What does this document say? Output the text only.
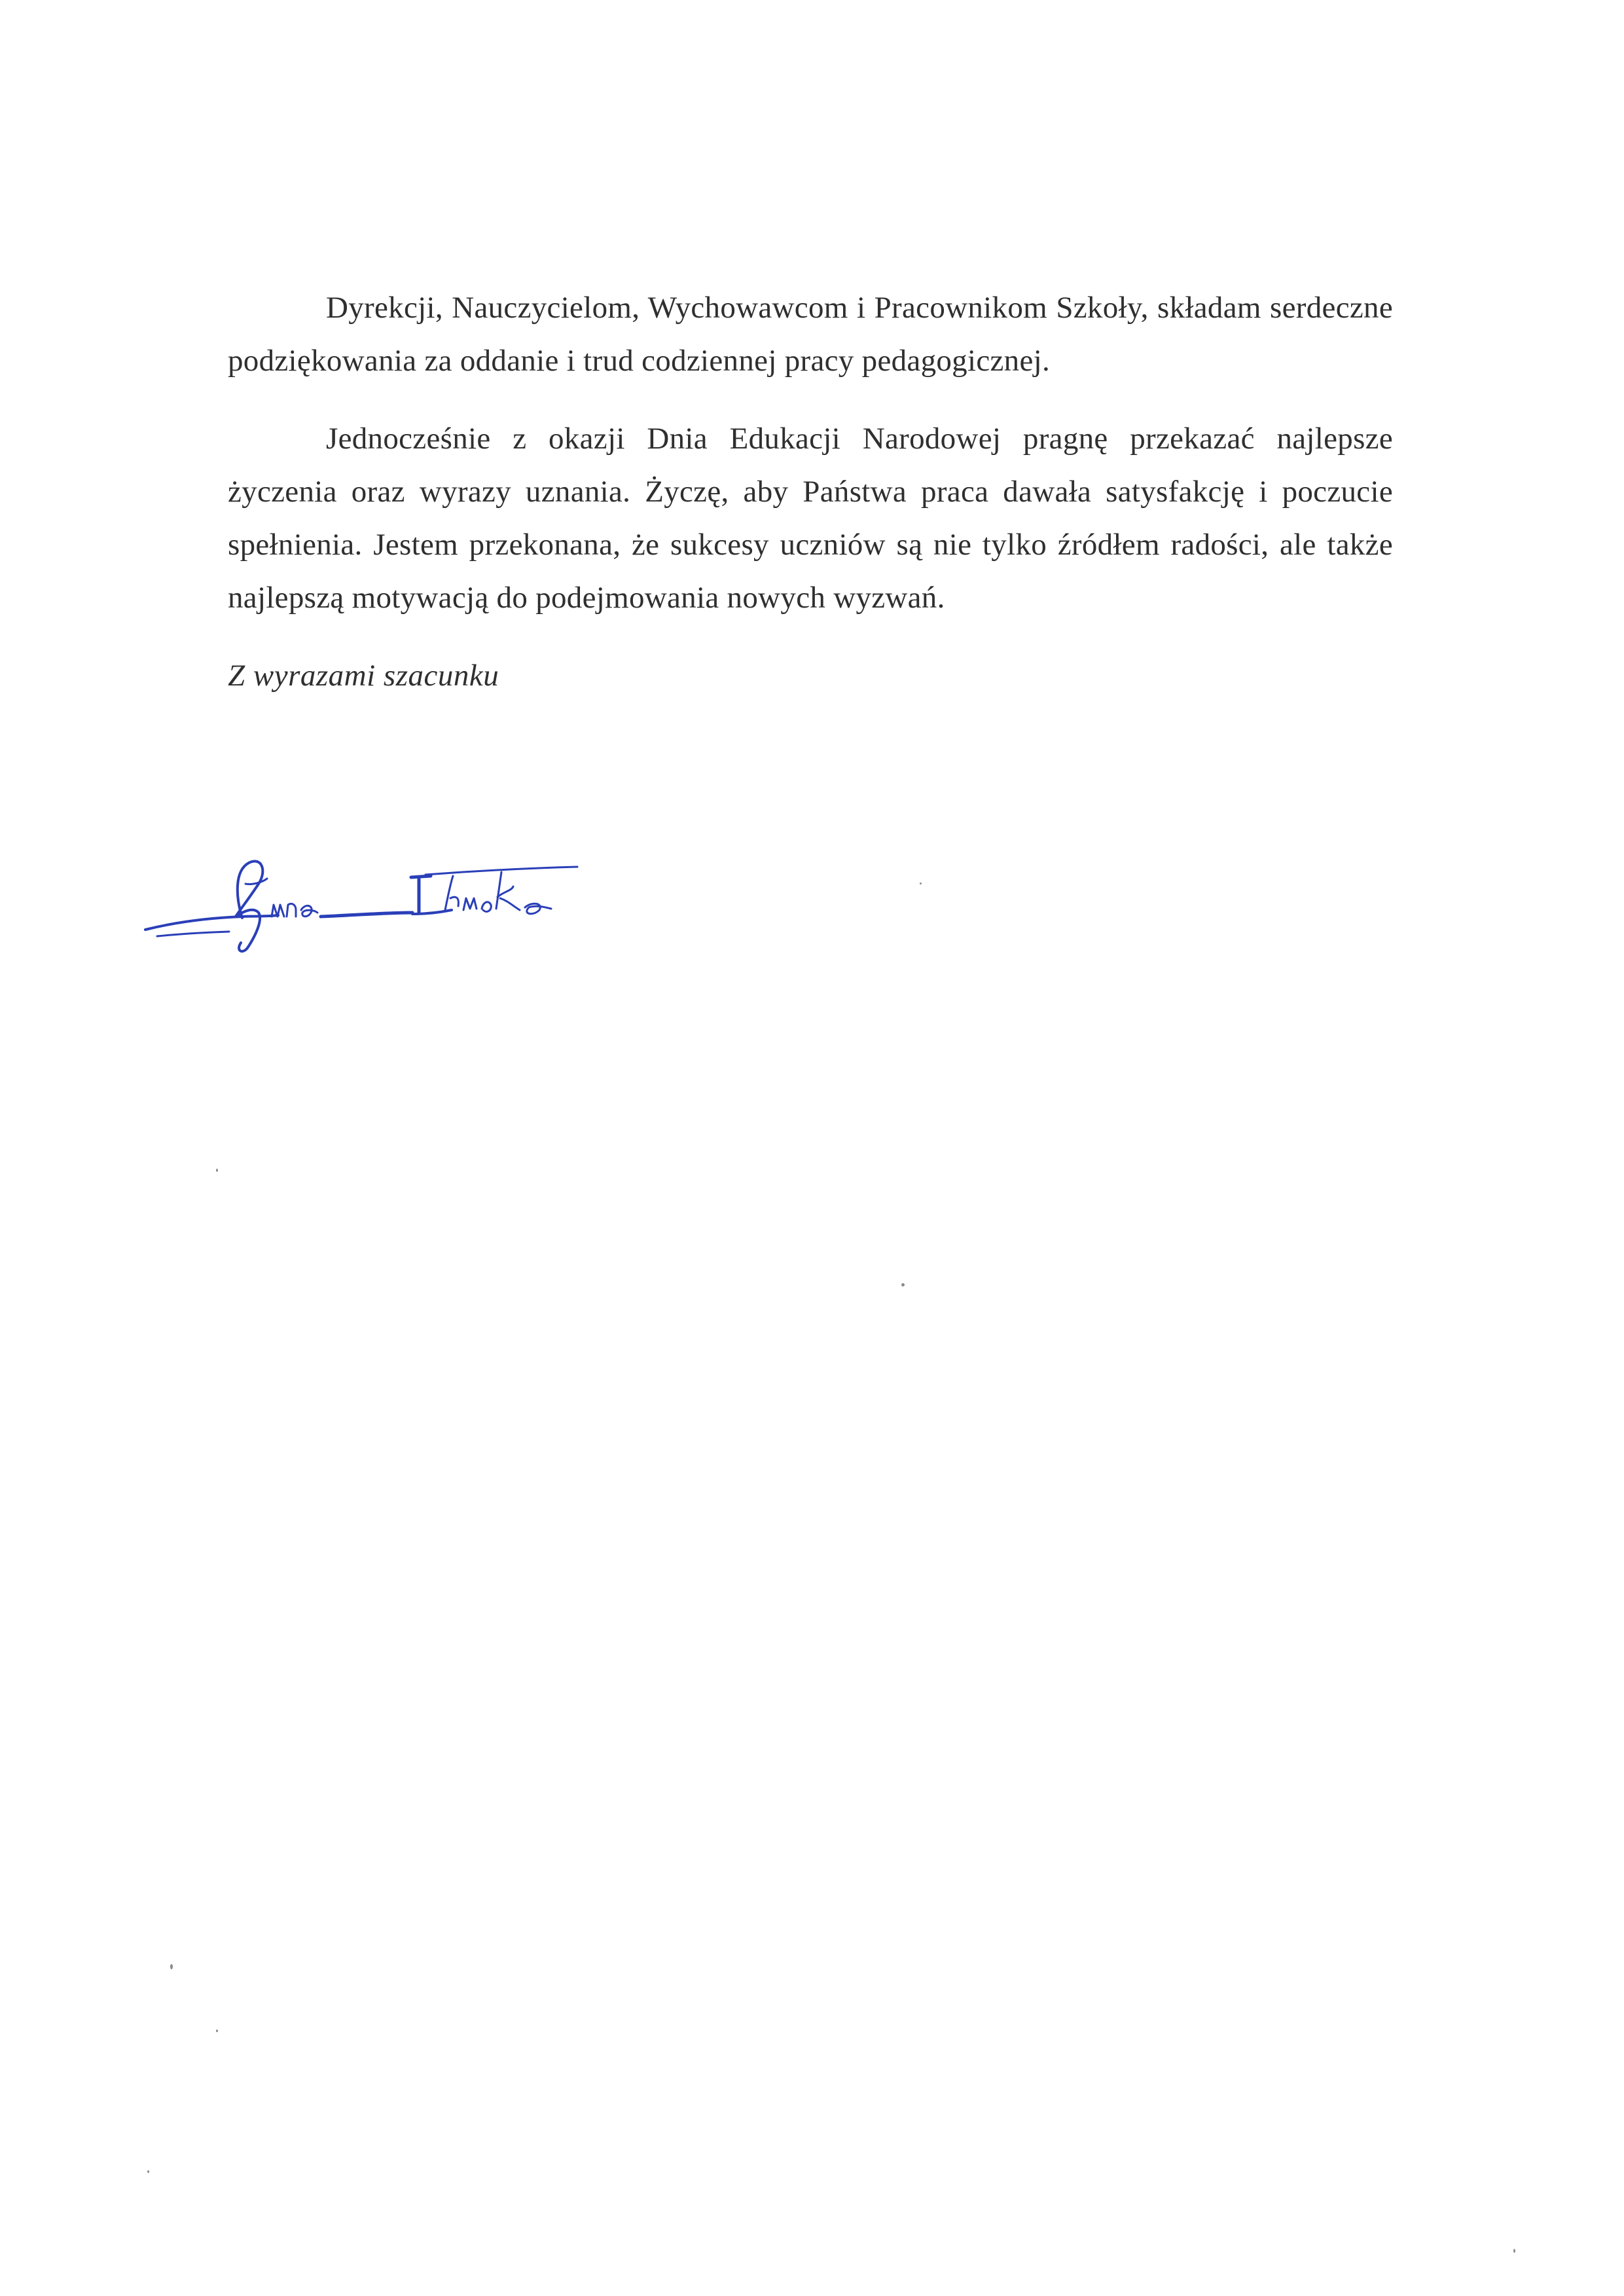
Dyrekcji, Nauczycielom, Wychowawcom i Pracownikom Szkoły, składam serdeczne podziękowania za oddanie i trud codziennej pracy pedagogicznej.

Jednocześnie z okazji Dnia Edukacji Narodowej pragnę przekazać najlepsze życzenia oraz wyrazy uznania. Życzę, aby Państwa praca dawała satysfakcję i poczucie spełnienia. Jestem przekonana, że sukcesy uczniów są nie tylko źródłem radości, ale także najlepszą motywacją do podejmowania nowych wyzwań.

Z wyrazami szacunku
